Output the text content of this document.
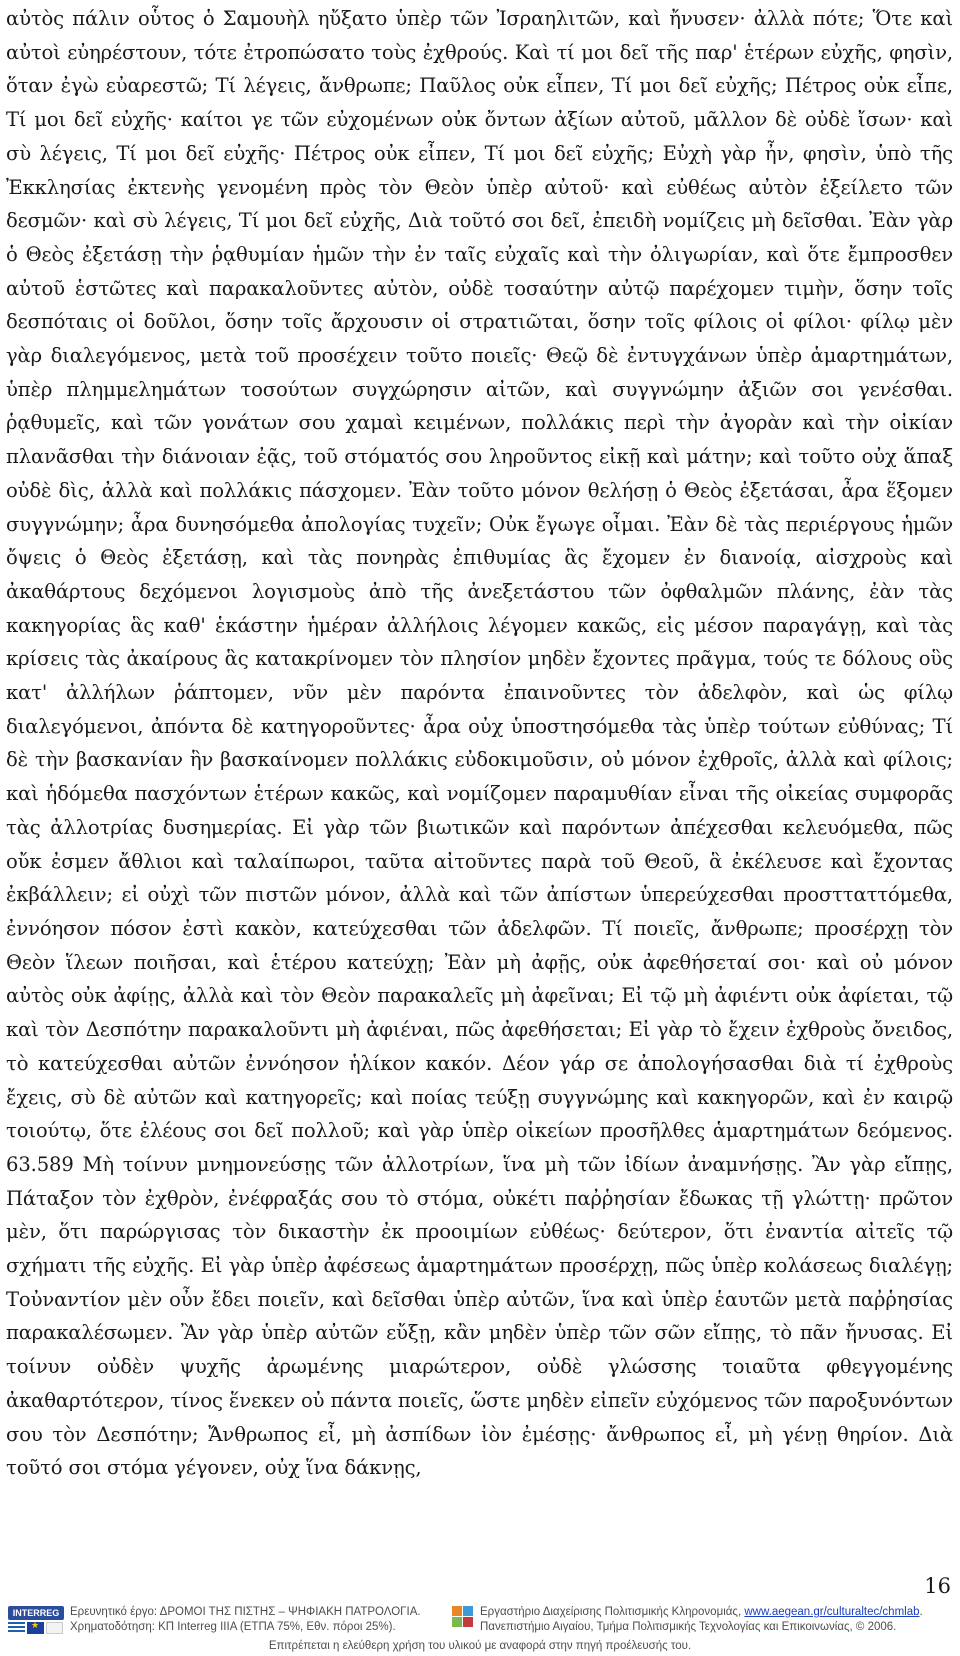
αὐτὸς πάλιν οὗτος ὁ Σαμουὴλ ηὔξατο ὑπὲρ τῶν Ἰσραηλιτῶν, καὶ ἤνυσεν· ἀλλὰ πότε; Ὅτε καὶ αὐτοὶ εὐηρέστουν, τότε ἐτροπώσατο τοὺς ἐχθρούς. Καὶ τί μοι δεῖ τῆς παρ' ἑτέρων εὐχῆς, φησὶν, ὅταν ἐγὼ εὐαρεστῶ; Τί λέγεις, ἄνθρωπε; Παῦλος οὐκ εἶπεν, Τί μοι δεῖ εὐχῆς; Πέτρος οὐκ εἶπε, Τί μοι δεῖ εὐχῆς· καίτοι γε τῶν εὐχομένων οὐκ ὄντων ἀξίων αὐτοῦ, μᾶλλον δὲ οὐδὲ ἴσων· καὶ σὺ λέγεις, Τί μοι δεῖ εὐχῆς· Πέτρος οὐκ εἶπεν, Τί μοι δεῖ εὐχῆς; Εὐχὴ γὰρ ἦν, φησὶν, ὑπὸ τῆς Ἐκκλησίας ἐκτενὴς γενομένη πρὸς τὸν Θεὸν ὑπὲρ αὐτοῦ· καὶ εὐθέως αὐτὸν ἐξείλετο τῶν δεσμῶν· καὶ σὺ λέγεις, Τί μοι δεῖ εὐχῆς, Διὰ τοῦτό σοι δεῖ, ἐπειδὴ νομίζεις μὴ δεῖσθαι. Ἐὰν γὰρ ὁ Θεὸς ἐξετάσῃ τὴν ῥᾳθυμίαν ἡμῶν τὴν ἐν ταῖς εὐχαῖς καὶ τὴν ὀλιγωρίαν, καὶ ὅτε ἔμπροσθεν αὐτοῦ ἑστῶτες καὶ παρακαλοῦντες αὐτὸν, οὐδὲ τοσαύτην αὐτῷ παρέχομεν τιμὴν, ὅσην τοῖς δεσπόταις οἱ δοῦλοι, ὅσην τοῖς ἄρχουσιν οἱ στρατιῶται, ὅσην τοῖς φίλοις οἱ φίλοι· φίλῳ μὲν γὰρ διαλεγόμενος, μετὰ τοῦ προσέχειν τοῦτο ποιεῖς· Θεῷ δὲ ἐντυγχάνων ὑπὲρ ἁμαρτημάτων, ὑπὲρ πλημμελημάτων τοσούτων συγχώρησιν αἰτῶν, καὶ συγγνώμην ἀξιῶν σοι γενέσθαι. ῥᾳθυμεῖς, καὶ τῶν γονάτων σου χαμαὶ κειμένων, πολλάκις περὶ τὴν ἀγορὰν καὶ τὴν οἰκίαν πλανᾶσθαι τὴν διάνοιαν ἐᾷς, τοῦ στόματός σου ληροῦντος εἰκῇ καὶ μάτην; καὶ τοῦτο οὐχ ἅπαξ οὐδὲ δὶς, ἀλλὰ καὶ πολλάκις πάσχομεν. Ἐὰν τοῦτο μόνον θελήσῃ ὁ Θεὸς ἐξετάσαι, ἆρα ἕξομεν συγγνώμην; ἆρα δυνησόμεθα ἀπολογίας τυχεῖν; Οὐκ ἔγωγε οἶμαι. Ἐὰν δὲ τὰς περιέργους ἡμῶν ὄψεις ὁ Θεὸς ἐξετάσῃ, καὶ τὰς πονηρὰς ἐπιθυμίας ἃς ἔχομεν ἐν διανοίᾳ, αἰσχροὺς καὶ ἀκαθάρτους δεχόμενοι λογισμοὺς ἀπὸ τῆς ἀνεξετάστου τῶν ὀφθαλμῶν πλάνης, ἐὰν τὰς κακηγορίας ἃς καθ' ἑκάστην ἡμέραν ἀλλήλοις λέγομεν κακῶς, εἰς μέσον παραγάγῃ, καὶ τὰς κρίσεις τὰς ἀκαίρους ἃς κατακρίνομεν τὸν πλησίον μηδὲν ἔχοντες πρᾶγμα, τούς τε δόλους οὓς κατ' ἀλλήλων ῥάπτομεν, νῦν μὲν παρόντα ἐπαινοῦντες τὸν ἀδελφὸν, καὶ ὡς φίλῳ διαλεγόμενοι, ἀπόντα δὲ κατηγοροῦντες· ἆρα οὐχ ὑποστησόμεθα τὰς ὑπὲρ τούτων εὐθύνας; Τί δὲ τὴν βασκανίαν ἣν βασκαίνομεν πολλάκις εὐδοκιμοῦσιν, οὐ μόνον ἐχθροῖς, ἀλλὰ καὶ φίλοις; καὶ ἡδόμεθα πασχόντων ἑτέρων κακῶς, καὶ νομίζομεν παραμυθίαν εἶναι τῆς οἰκείας συμφορᾶς τὰς ἀλλοτρίας δυσημερίας. Εἰ γὰρ τῶν βιωτικῶν καὶ παρόντων ἀπέχεσθαι κελευόμεθα, πῶς οὔκ ἐσμεν ἄθλιοι καὶ ταλαίπωροι, ταῦτα αἰτοῦντες παρὰ τοῦ Θεοῦ, ἃ ἐκέλευσε καὶ ἔχοντας ἐκβάλλειν; εἰ οὐχὶ τῶν πιστῶν μόνον, ἀλλὰ καὶ τῶν ἀπίστων ὑπερεύχεσθαι προστταττόμεθα, ἐννόησον πόσον ἐστὶ κακὸν, κατεύχεσθαι τῶν ἀδελφῶν. Τί ποιεῖς, ἄνθρωπε; προσέρχῃ τὸν Θεὸν ἵλεων ποιῆσαι, καὶ ἑτέρου κατεύχῃ; Ἐὰν μὴ ἀφῇς, οὐκ ἀφεθήσεταί σοι· καὶ οὐ μόνον αὐτὸς οὐκ ἀφίῃς, ἀλλὰ καὶ τὸν Θεὸν παρακαλεῖς μὴ ἀφεῖναι; Εἰ τῷ μὴ ἀφιέντι οὐκ ἀφίεται, τῷ καὶ τὸν Δεσπότην παρακαλοῦντι μὴ ἀφιέναι, πῶς ἀφεθήσεται; Εἰ γὰρ τὸ ἔχειν ἐχθροὺς ὄνειδος, τὸ κατεύχεσθαι αὐτῶν ἐννόησον ἡλίκον κακόν. Δέον γάρ σε ἀπολογήσασθαι διὰ τί ἐχθροὺς ἔχεις, σὺ δὲ αὐτῶν καὶ κατηγορεῖς; καὶ ποίας τεύξῃ συγγνώμης καὶ κακηγορῶν, καὶ ἐν καιρῷ τοιούτῳ, ὅτε ἐλέους σοι δεῖ πολλοῦ; καὶ γὰρ ὑπὲρ οἰκείων προσῆλθες ἁμαρτημάτων δεόμενος. 63.589 Μὴ τοίνυν μνημονεύσῃς τῶν ἀλλοτρίων, ἵνα μὴ τῶν ἰδίων ἀναμνήσῃς. Ἂν γὰρ εἴπῃς, Πάταξον τὸν ἐχθρὸν, ἐνέφραξάς σου τὸ στόμα, οὐκέτι παῤῥησίαν ἔδωκας τῇ γλώττῃ· πρῶτον μὲν, ὅτι παρώργισας τὸν δικαστὴν ἐκ προοιμίων εὐθέως· δεύτερον, ὅτι ἐναντία αἰτεῖς τῷ σχήματι τῆς εὐχῆς. Εἰ γὰρ ὑπὲρ ἀφέσεως ἁμαρτημάτων προσέρχῃ, πῶς ὑπὲρ κολάσεως διαλέγῃ; Τοὐναντίον μὲν οὖν ἔδει ποιεῖν, καὶ δεῖσθαι ὑπὲρ αὐτῶν, ἵνα καὶ ὑπὲρ ἑαυτῶν μετὰ παῤῥησίας παρακαλέσωμεν. Ἂν γὰρ ὑπὲρ αὐτῶν εὔξῃ, κἂν μηδὲν ὑπὲρ τῶν σῶν εἴπῃς, τὸ πᾶν ἤνυσας. Εἰ τοίνυν οὐδὲν ψυχῆς ἀρωμένης μιαρώτερον, οὐδὲ γλώσσης τοιαῦτα φθεγγομένης ἀκαθαρτότερον, τίνος ἕνεκεν οὐ πάντα ποιεῖς, ὥστε μηδὲν εἰπεῖν εὐχόμενος τῶν παροξυνόντων σου τὸν Δεσπότην; Ἄνθρωπος εἶ, μὴ ἀσπίδων ἰὸν ἐμέσῃς· ἄνθρωπος εἶ, μὴ γένῃ θηρίον. Διὰ τοῦτό σοι στόμα γέγονεν, οὐχ ἵνα δάκνῃς,
16
INTERREG
★ Ερευνητικό έργο: ΔΡΟΜΟΙ ΤΗΣ ΠΙΣΤΗΣ – ΨΗΦΙΑΚΗ ΠΑΤΡΟΛΟΓΙΑ.
Χρηματοδότηση: ΚΠ Interreg IIIA (ΕΤΠΑ 75%, Εθν. πόροι 25%).
Εργαστήριο Διαχείρισης Πολιτισμικής Κληρονομιάς, www.aegean.gr/culturaltec/chmlab.
Πανεπιστήμιο Αιγαίου, Τμήμα Πολιτισμικής Τεχνολογίας και Επικοινωνίας, © 2006.
Επιτρέπεται η ελεύθερη χρήση του υλικού με αναφορά στην πηγή προέλευσής του.
